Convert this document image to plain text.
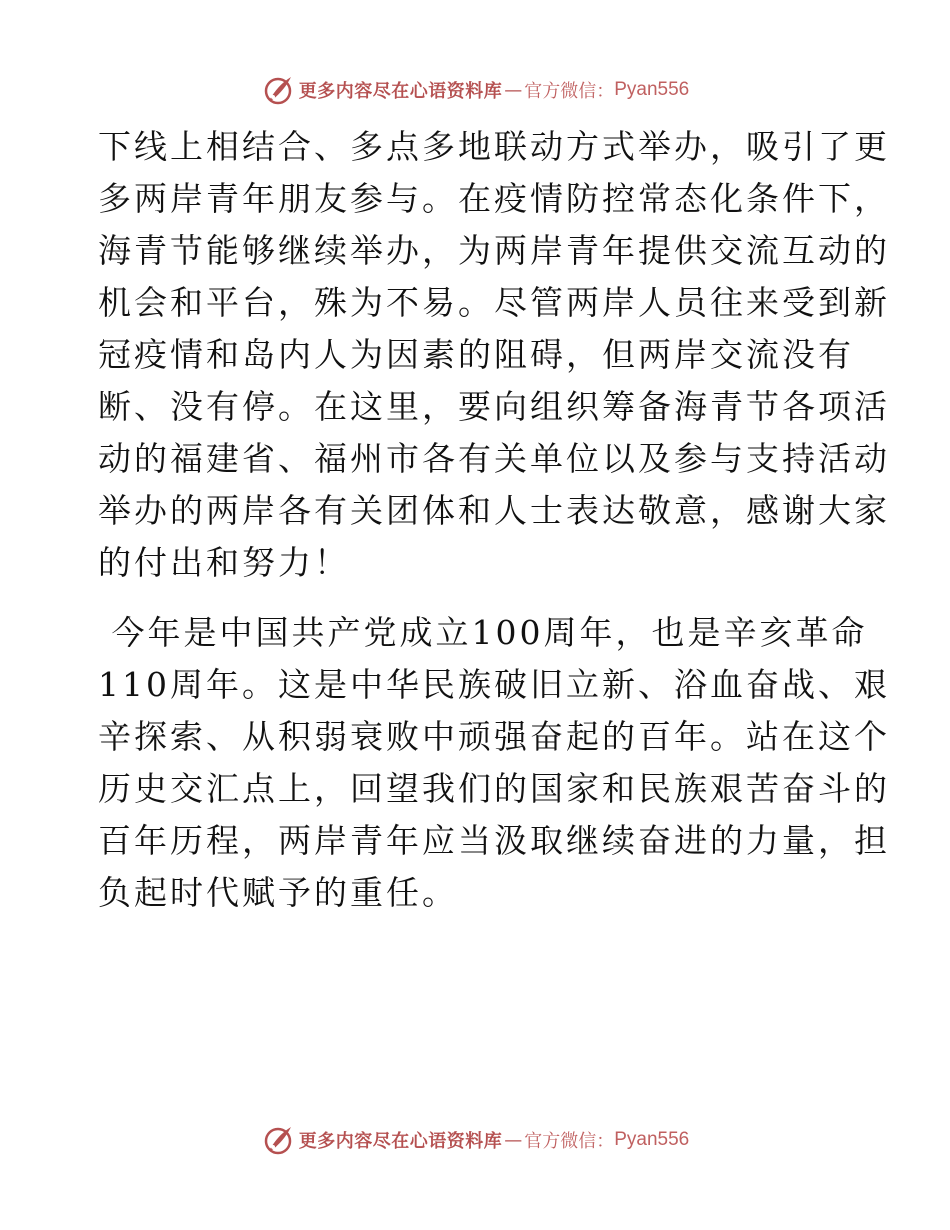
更多内容尽在心语资料库 — 官方微信： Pyan556
下线上相结合、多点多地联动方式举办，吸引了更
多两岸青年朋友参与。在疫情防控常态化条件下，
海青节能够继续举办，为两岸青年提供交流互动的
机会和平台，殊为不易。尽管两岸人员往来受到新
冠疫情和岛内人为因素的阻碍，但两岸交流没有
断、没有停。在这里，要向组织筹备海青节各项活
动的福建省、福州市各有关单位以及参与支持活动
举办的两岸各有关团体和人士表达敬意，感谢大家
的付出和努力！
今年是中国共产党成立100周年，也是辛亥革命
110周年。这是中华民族破旧立新、浴血奋战、艰
辛探索、从积弱衰败中顽强奋起的百年。站在这个
历史交汇点上，回望我们的国家和民族艰苦奋斗的
百年历程，两岸青年应当汲取继续奋进的力量，担
负起时代赋予的重任。
更多内容尽在心语资料库 — 官方微信： Pyan556
